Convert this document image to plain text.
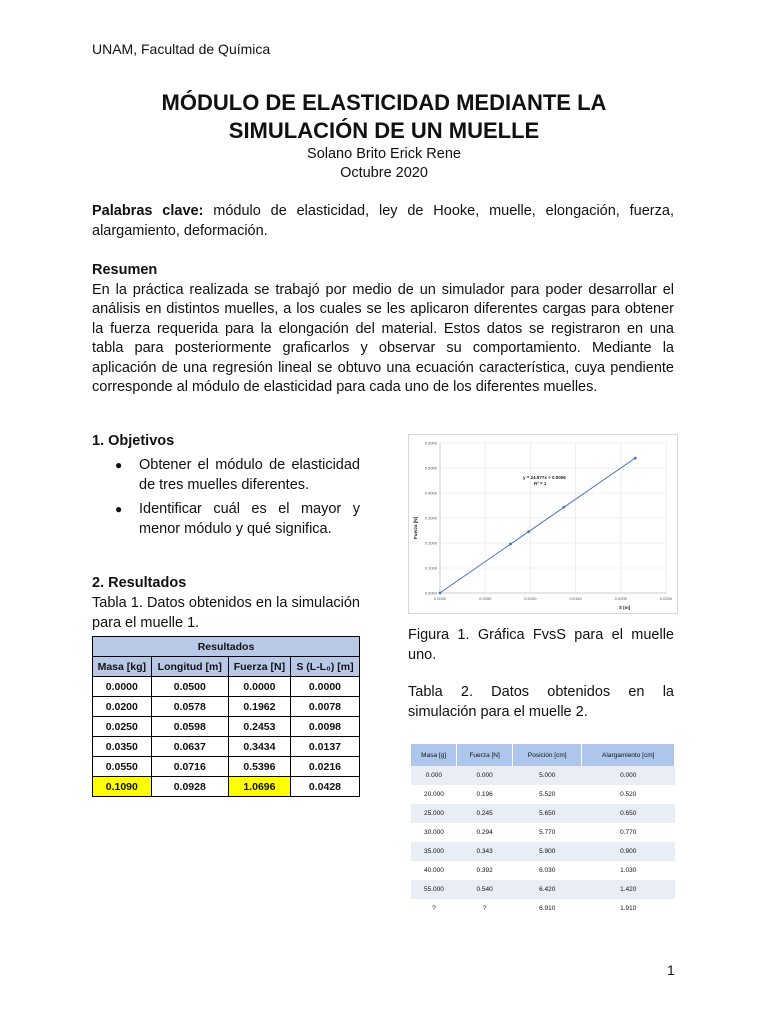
UNAM, Facultad de Química
MÓDULO DE ELASTICIDAD MEDIANTE LA
SIMULACIÓN DE UN MUELLE
Solano Brito Erick Rene
Octubre 2020
Palabras clave: módulo de elasticidad, ley de Hooke, muelle, elongación, fuerza, alargamiento, deformación.
Resumen
En la práctica realizada se trabajó por medio de un simulador para poder desarrollar el análisis en distintos muelles, a los cuales se les aplicaron diferentes cargas para obtener la fuerza requerida para la elongación del material. Estos datos se registraron en una tabla para posteriormente graficarlos y observar su comportamiento. Mediante la aplicación de una regresión lineal se obtuvo una ecuación característica, cuya pendiente corresponde al módulo de elasticidad para cada uno de los diferentes muelles.
1. Objetivos
● Obtener el módulo de elasticidad de tres muelles diferentes.
● Identificar cuál es el mayor y menor módulo y qué significa.
2. Resultados
Tabla 1. Datos obtenidos en la simulación para el muelle 1.
Resultados			
Masa [kg]	Longitud [m]	Fuerza [N]	S (L-L₀) [m]
0.0000	0.0500	0.0000	0.0000
0.0200	0.0578	0.1962	0.0078
0.0250	0.0598	0.2453	0.0098
0.0350	0.0637	0.3434	0.0137
0.0550	0.0716	0.5396	0.0216
0.1090	0.0928	1.0696	0.0428
0.0000	0.0050	0.0100	0.0150	0.0200	0.0250
0.0000
0.1000
0.2000
0.3000
0.4000
0.5000
0.6000
y = 24.977x + 0.0006
R² = 1
S [m]
Fuerza [N]
Figura 1. Gráfica FvsS para el muelle uno.
Tabla 2. Datos obtenidos en la simulación para el muelle 2.
Masa [g]	Fuerza [N]	Posición [cm]	Alargamiento [cm]
0.000	0.000	5.000	0.000
20.000	0.196	5.520	0.520
25.000	0.245	5.650	0.650
30.000	0.294	5.770	0.770
35.000	0.343	5.900	0.900
40.000	0.392	6.030	1.030
55.000	0.540	6.420	1.420
?	?	6.910	1.910
1
